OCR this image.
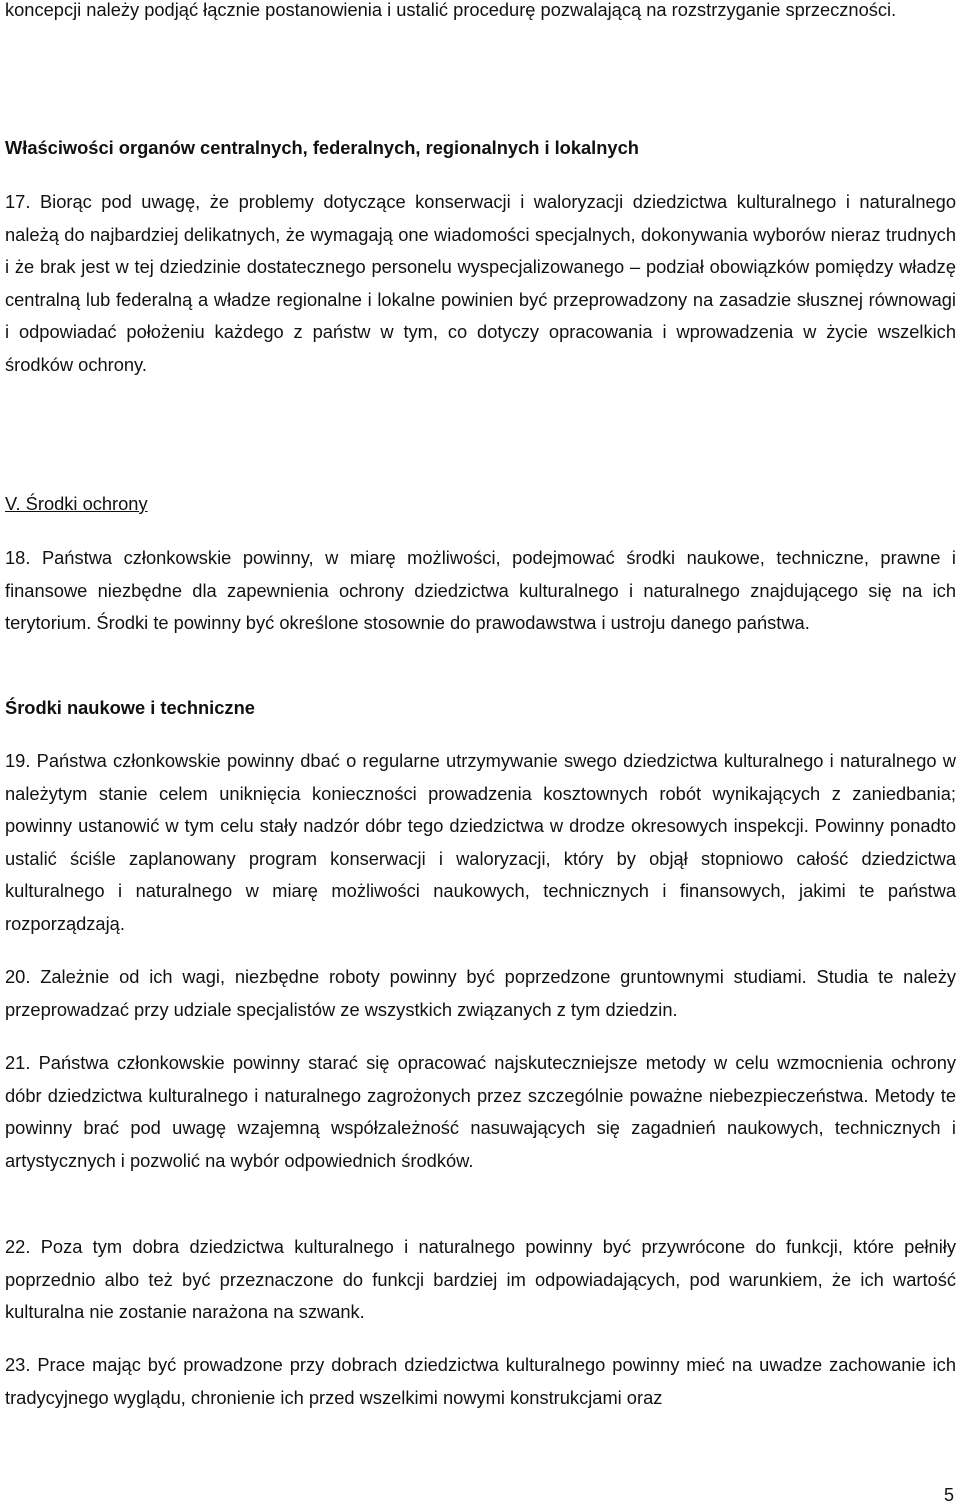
koncepcji należy podjąć łącznie postanowienia i ustalić procedurę pozwalającą na rozstrzyganie sprzeczności.

Właściwości organów centralnych, federalnych, regionalnych i lokalnych

17. Biorąc pod uwagę, że problemy dotyczące konserwacji i waloryzacji dziedzictwa kulturalnego i naturalnego należą do najbardziej delikatnych, że wymagają one wiadomości specjalnych, dokonywania wyborów nieraz trudnych i że brak jest w tej dziedzinie dostatecznego personelu wyspecjalizowanego – podział obowiązków pomiędzy władzę centralną lub federalną a władze regionalne i lokalne powinien być przeprowadzony na zasadzie słusznej równowagi i odpowiadać położeniu każdego z państw w tym, co dotyczy opracowania i wprowadzenia w życie wszelkich środków ochrony.

V. Środki ochrony

18. Państwa członkowskie powinny, w miarę możliwości, podejmować środki naukowe, techniczne, prawne i finansowe niezbędne dla zapewnienia ochrony dziedzictwa kulturalnego i naturalnego znajdującego się na ich terytorium. Środki te powinny być określone stosownie do prawodawstwa i ustroju danego państwa.

Środki naukowe i techniczne

19. Państwa członkowskie powinny dbać o regularne utrzymywanie swego dziedzictwa kulturalnego i naturalnego w należytym stanie celem uniknięcia konieczności prowadzenia kosztownych robót wynikających z zaniedbania; powinny ustanowić w tym celu stały nadzór dóbr tego dziedzictwa w drodze okresowych inspekcji. Powinny ponadto ustalić ściśle zaplanowany program konserwacji i waloryzacji, który by objął stopniowo całość dziedzictwa kulturalnego i naturalnego w miarę możliwości naukowych, technicznych i finansowych, jakimi te państwa rozporządzają.

20. Zależnie od ich wagi, niezbędne roboty powinny być poprzedzone gruntownymi studiami. Studia te należy przeprowadzać przy udziale specjalistów ze wszystkich związanych z tym dziedzin.

21. Państwa członkowskie powinny starać się opracować najskuteczniejsze metody w celu wzmocnienia ochrony dóbr dziedzictwa kulturalnego i naturalnego zagrożonych przez szczególnie poważne niebezpieczeństwa. Metody te powinny brać pod uwagę wzajemną współzależność nasuwających się zagadnień naukowych, technicznych i artystycznych i pozwolić na wybór odpowiednich środków.

22. Poza tym dobra dziedzictwa kulturalnego i naturalnego powinny być przywrócone do funkcji, które pełniły poprzednio albo też być przeznaczone do funkcji bardziej im odpowiadających, pod warunkiem, że ich wartość kulturalna nie zostanie narażona na szwank.

23. Prace mając być prowadzone przy dobrach dziedzictwa kulturalnego powinny mieć na uwadze zachowanie ich tradycyjnego wyglądu, chronienie ich przed wszelkimi nowymi konstrukcjami oraz

5
